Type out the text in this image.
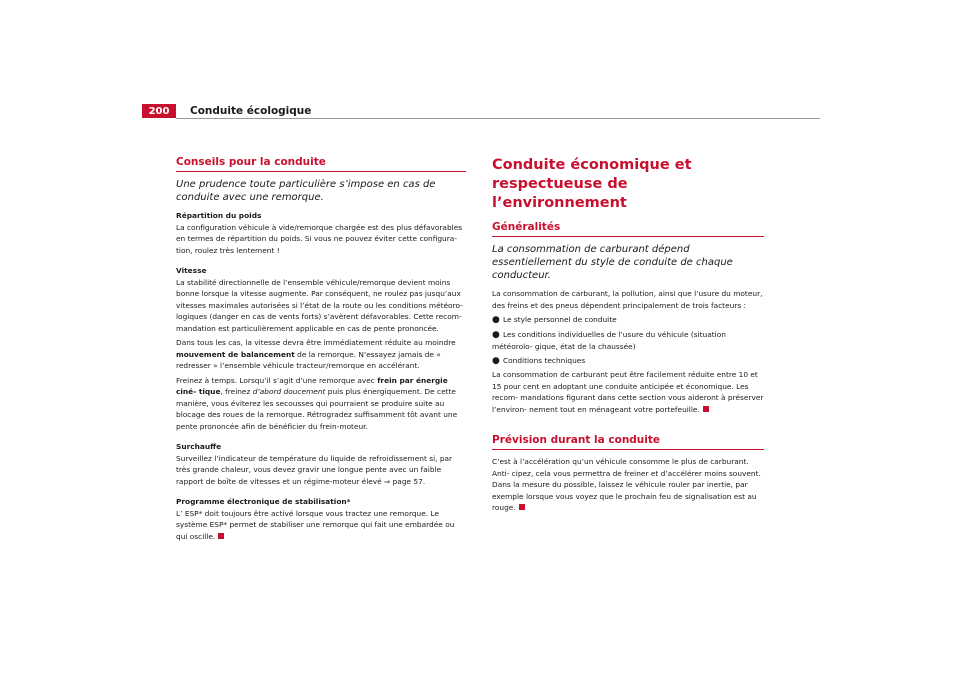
200	Conduite écologique
Conseils pour la conduite

Une prudence toute particulière s’impose en cas de conduite avec une remorque.

Répartition du poids

La configuration véhicule à vide/remorque chargée est des plus défavorables en termes de répartition du poids. Si vous ne pouvez éviter cette configura- tion, roulez très lentement !

Vitesse

La stabilité directionnelle de l’ensemble véhicule/remorque devient moins bonne lorsque la vitesse augmente. Par conséquent, ne roulez pas jusqu’aux vitesses maximales autorisées si l’état de la route ou les conditions météoro- logiques (danger en cas de vents forts) s’avèrent défavorables. Cette recom- mandation est particulièrement applicable en cas de pente prononcée.

Dans tous les cas, la vitesse devra être immédiatement réduite au moindre mouvement de balancement de la remorque. N’essayez jamais de « redresser » l’ensemble véhicule tracteur/remorque en accélérant.

Freinez à temps. Lorsqu’il s’agit d’une remorque avec frein par énergie ciné- tique, freinez d’abord doucement puis plus énergiquement. De cette manière, vous éviterez les secousses qui pourraient se produire suite au blocage des roues de la remorque. Rétrogradez suffisamment tôt avant une pente prononcée afin de bénéficier du frein-moteur.

Surchauffe

Surveillez l’indicateur de température du liquide de refroidissement si, par très grande chaleur, vous devez gravir une longue pente avec un faible rapport de boîte de vitesses et un régime-moteur élevé ⇒ page 57.

Programme électronique de stabilisation*

L’ ESP* doit toujours être activé lorsque vous tractez une remorque. Le système ESP* permet de stabiliser une remorque qui fait une embardée ou qui oscille.

Conduite économique et respectueuse de l’environnement
Généralités

La consommation de carburant dépend essentiellement du style de conduite de chaque conducteur.

La consommation de carburant, la pollution, ainsi que l’usure du moteur, des freins et des pneus dépendent principalement de trois facteurs :

● Le style personnel de conduite
● Les conditions individuelles de l’usure du véhicule (situation météorolo- gique, état de la chaussée)
● Conditions techniques

La consommation de carburant peut être facilement réduite entre 10 et 15 pour cent en adoptant une conduite anticipée et économique. Les recom- mandations figurant dans cette section vous aideront à préserver l’environ- nement tout en ménageant votre portefeuille.

Prévision durant la conduite

C’est à l’accélération qu’un véhicule consomme le plus de carburant. Anti- cipez, cela vous permettra de freiner et d’accélérer moins souvent. Dans la mesure du possible, laissez le véhicule rouler par inertie, par exemple lorsque vous voyez que le prochain feu de signalisation est au rouge.
